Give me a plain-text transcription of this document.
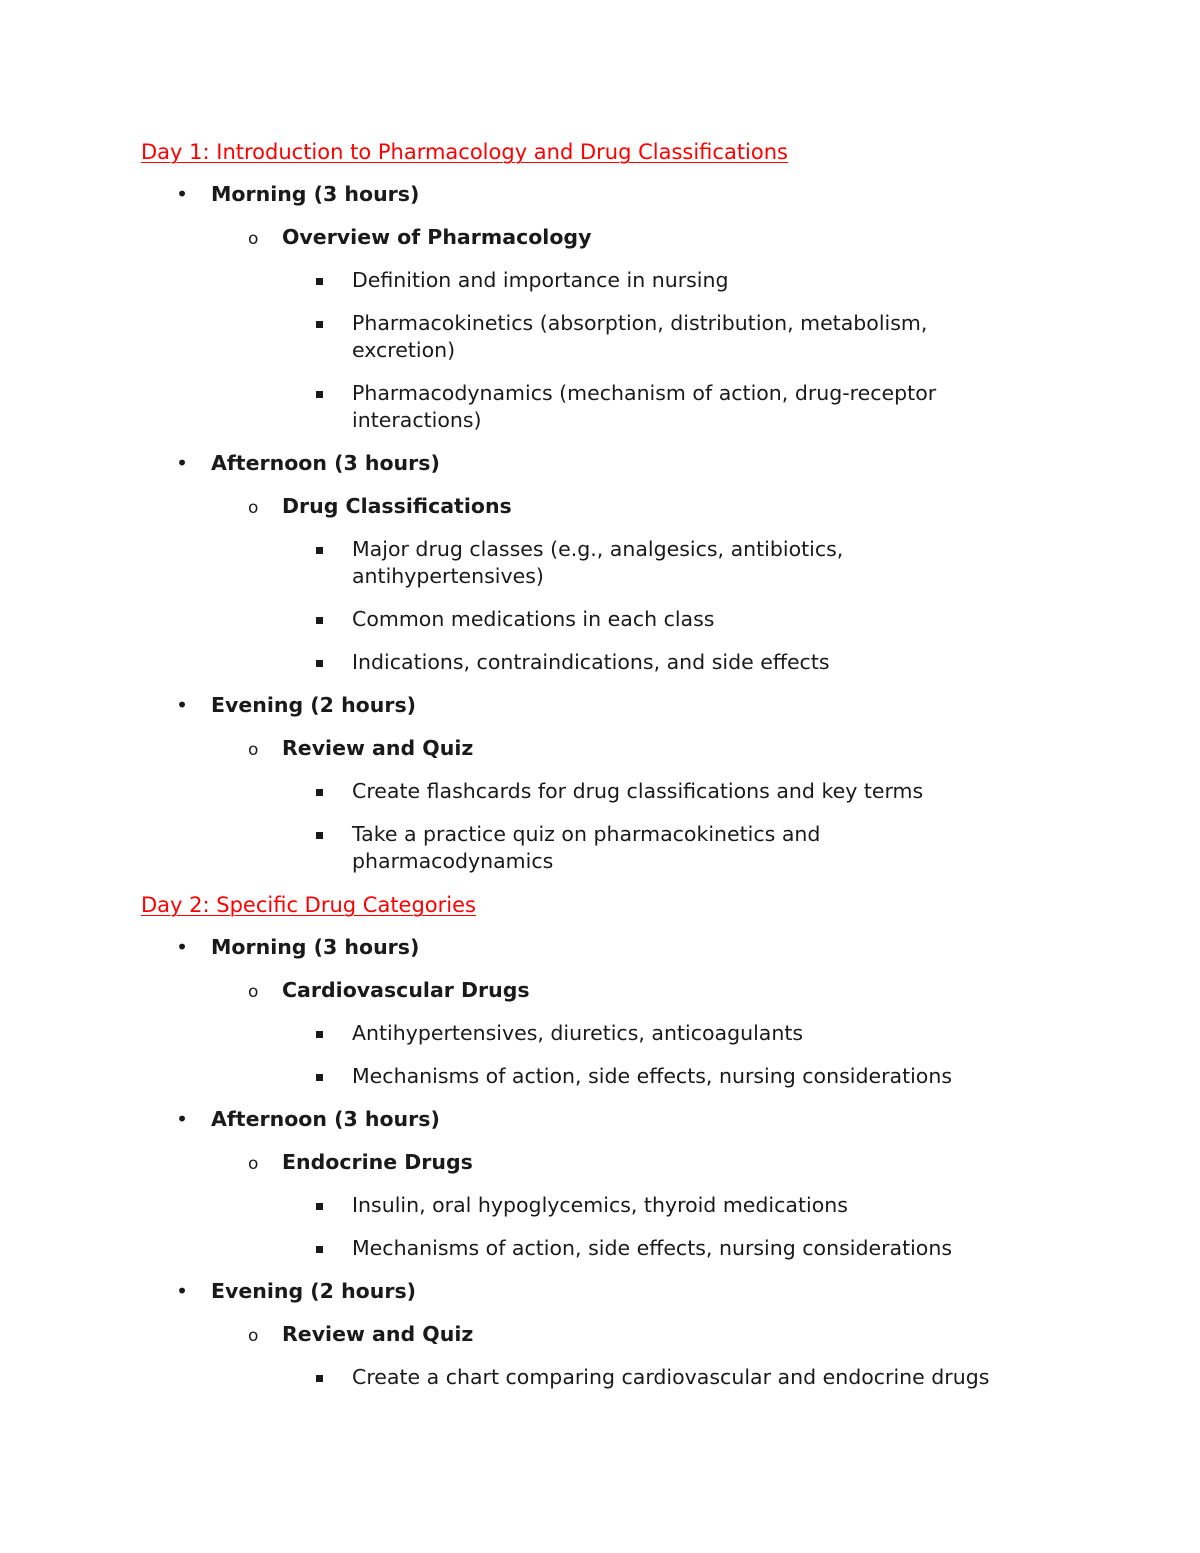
Day 1: Introduction to Pharmacology and Drug Classifications
• Morning (3 hours)
o Overview of Pharmacology
Definition and importance in nursing
Pharmacokinetics (absorption, distribution, metabolism, excretion)
Pharmacodynamics (mechanism of action, drug-receptor interactions)
• Afternoon (3 hours)
o Drug Classifications
Major drug classes (e.g., analgesics, antibiotics, antihypertensives)
Common medications in each class
Indications, contraindications, and side effects
• Evening (2 hours)
o Review and Quiz
Create flashcards for drug classifications and key terms
Take a practice quiz on pharmacokinetics and pharmacodynamics
Day 2: Specific Drug Categories
• Morning (3 hours)
o Cardiovascular Drugs
Antihypertensives, diuretics, anticoagulants
Mechanisms of action, side effects, nursing considerations
• Afternoon (3 hours)
o Endocrine Drugs
Insulin, oral hypoglycemics, thyroid medications
Mechanisms of action, side effects, nursing considerations
• Evening (2 hours)
o Review and Quiz
Create a chart comparing cardiovascular and endocrine drugs
